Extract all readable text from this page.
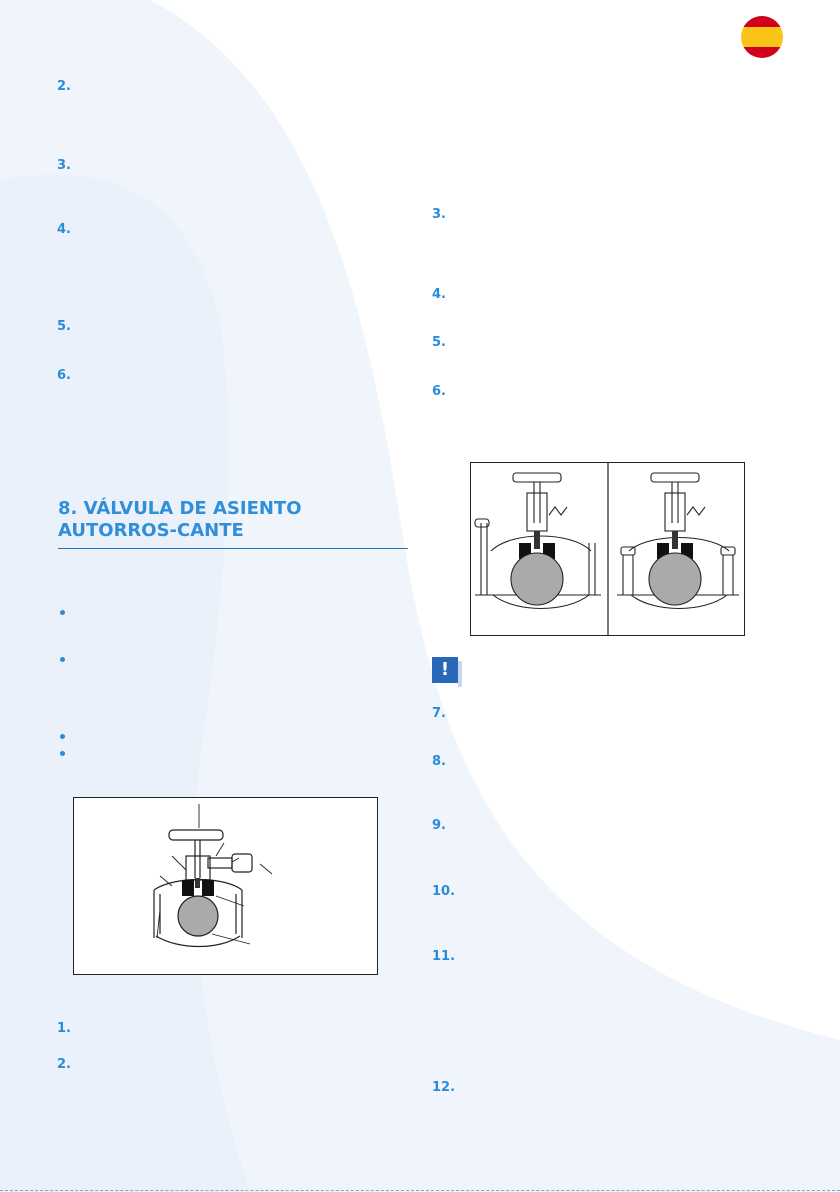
2.

3.

4.

5.

6.

8. VÁLVULA DE ASIENTO AUTORROS-CANTE

1.

2.

3.

4.

5.

6.

!

7.

8.

9.

10.

11.

12.
